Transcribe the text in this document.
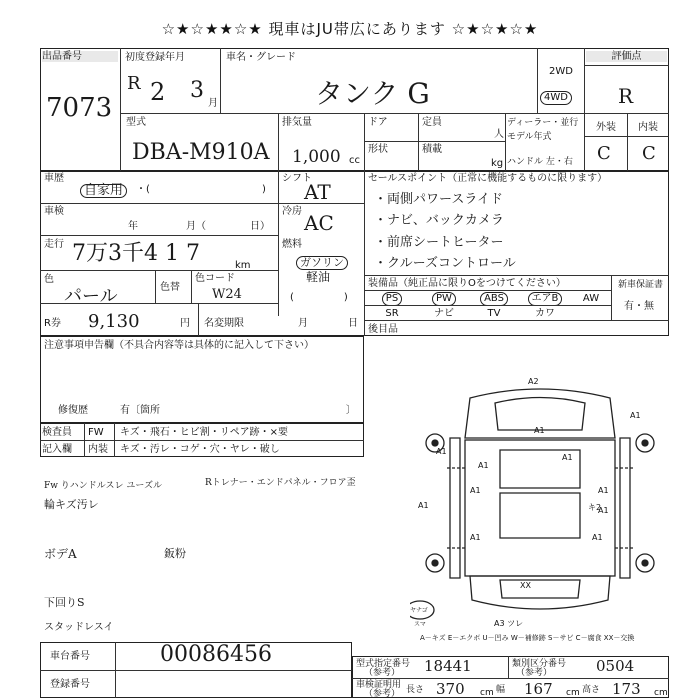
☆★☆★★☆★ 現車はJU帯広にあります ☆★☆★☆★
出品番号
7073
初度登録年月
R 2 3
月
車名・グレード
タンク G
2WD
4WD
評価点
R
型式
DBA-M910A
排気量
1,000 cc
ドア	定員
人
形状	積載
kg
ディーラー・並行
モデル年式
ハンドル 左・右
外装	内装
C C
車歴
自家用	・(	)
シフト
AT
セールスポイント（正常に機能するものに限ります）
・両側パワースライド
・ナビ、バックカメラ
・前席シートヒーター
・クルーズコントロール
車検
年	月（	日）
冷房 AC
走行 7万3千4 1 7	km
燃料
ガソリン
軽油
(　　　　　)
色
パール	色替
色コード
W24
装備品（純正品に限りOをつけてください）	新車保証書
有・無
PS	PW	ABS	エアB	AW
SR	ナビ	TV	カワ
R券 9,130	円 名変期限	月	日
後目品
注意事項申告欄（不具合内容等は具体的に記入して下さい）
修復歴	有〔箇所	〕
検査員 FW キズ・飛石・ヒビ割・リペア跡・×要
記入欄 内装 キズ・汚レ・コゲ・穴・ヤレ・破し
Fw りハンドルスレ ユーズル	Rトレナー・エンドパネル・フロア歪
輪キズ汚レ
ボデA	鈑粉
下回りS
スタッドレスイ
A2
A1
A1
A1
A1
A1
A1
A1
A1
A1
A1
A1
XX
A3 ツレ
キ2
ヤナゴ
スマ
A－キズ E－エクボ U－凹み W－補修跡 S－サビ C－腐食 XX－交換
車台番号	00086456
登録番号
型式指定番号
（参考） 18441	類別区分番号
（参考）	0504
車検証明用
（参考） 長さ 370 cm 幅 167 cm 高さ 173 cm
